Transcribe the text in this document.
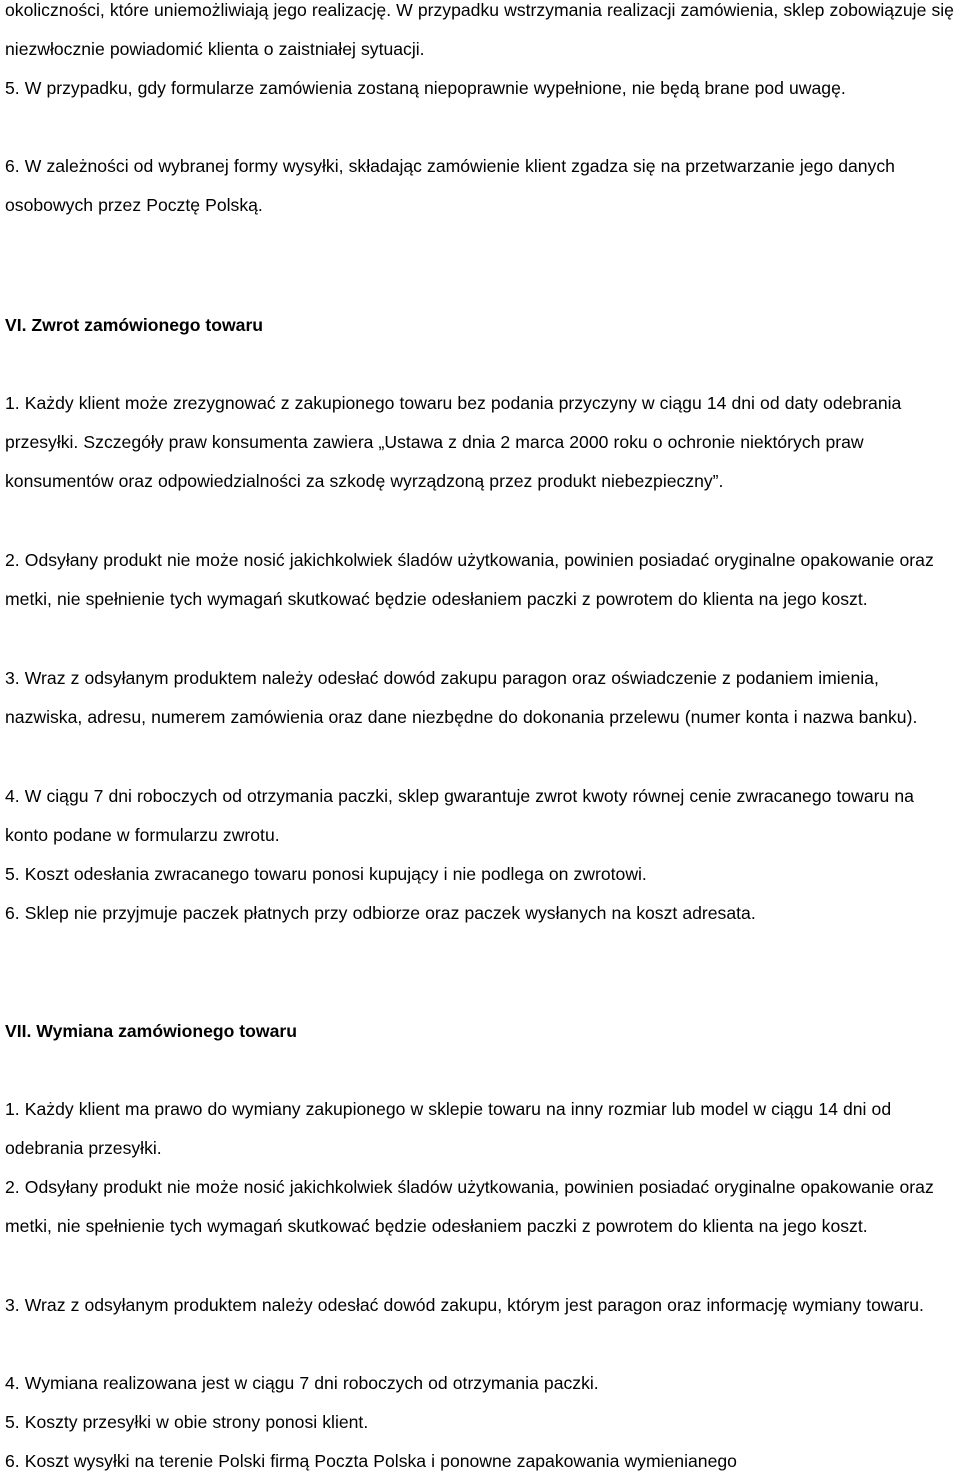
okoliczności, które uniemożliwiają jego realizację. W przypadku wstrzymania realizacji zamówienia, sklep zobowiązuje się niezwłocznie powiadomić klienta o zaistniałej sytuacji.

5. W przypadku, gdy formularze zamówienia zostaną niepoprawnie wypełnione, nie będą brane pod uwagę.

6. W zależności od wybranej formy wysyłki, składając zamówienie klient zgadza się na przetwarzanie jego danych osobowych przez Pocztę Polską.

VI. Zwrot zamówionego towaru

1. Każdy klient może zrezygnować z zakupionego towaru bez podania przyczyny w ciągu 14 dni od daty odebrania przesyłki. Szczegóły praw konsumenta zawiera „Ustawa z dnia 2 marca 2000 roku o ochronie niektórych praw konsumentów oraz odpowiedzialności za szkodę wyrządzoną przez produkt niebezpieczny”.

2. Odsyłany produkt nie może nosić jakichkolwiek śladów użytkowania, powinien posiadać oryginalne opakowanie oraz metki, nie spełnienie tych wymagań skutkować będzie odesłaniem paczki z powrotem do klienta na jego koszt.

3. Wraz z odsyłanym produktem należy odesłać dowód zakupu paragon oraz oświadczenie z podaniem imienia, nazwiska, adresu, numerem zamówienia oraz dane niezbędne do dokonania przelewu (numer konta i nazwa banku).

4. W ciągu 7 dni roboczych od otrzymania paczki, sklep gwarantuje zwrot kwoty równej cenie zwracanego towaru na konto podane w formularzu zwrotu.

5. Koszt odesłania zwracanego towaru ponosi kupujący i nie podlega on zwrotowi.

6. Sklep nie przyjmuje paczek płatnych przy odbiorze oraz paczek wysłanych na koszt adresata.

VII. Wymiana zamówionego towaru

1. Każdy klient ma prawo do wymiany zakupionego w sklepie towaru na inny rozmiar lub model w ciągu 14 dni od odebrania przesyłki.

2. Odsyłany produkt nie może nosić jakichkolwiek śladów użytkowania, powinien posiadać oryginalne opakowanie oraz metki, nie spełnienie tych wymagań skutkować będzie odesłaniem paczki z powrotem do klienta na jego koszt.

3. Wraz z odsyłanym produktem należy odesłać dowód zakupu, którym jest paragon oraz informację wymiany towaru.

4. Wymiana realizowana jest w ciągu 7 dni roboczych od otrzymania paczki.

5. Koszty przesyłki w obie strony ponosi klient.

6. Koszt wysyłki na terenie Polski firmą Poczta Polska i ponowne zapakowania wymienianego
